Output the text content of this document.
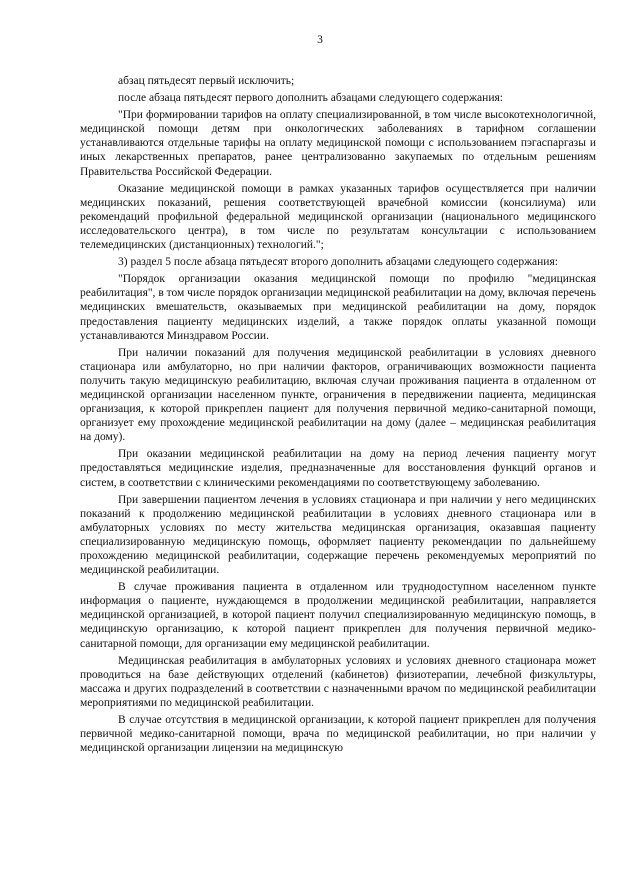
3

абзац пятьдесят первый исключить;

после абзаца пятьдесят первого дополнить абзацами следующего содержания:

"При формировании тарифов на оплату специализированной, в том числе высокотехнологичной, медицинской помощи детям при онкологических заболеваниях в тарифном соглашении устанавливаются отдельные тарифы на оплату медицинской помощи с использованием пэгаспаргазы и иных лекарственных препаратов, ранее централизованно закупаемых по отдельным решениям Правительства Российской Федерации.

Оказание медицинской помощи в рамках указанных тарифов осуществляется при наличии медицинских показаний, решения соответствующей врачебной комиссии (консилиума) или рекомендаций профильной федеральной медицинской организации (национального медицинского исследовательского центра), в том числе по результатам консультации с использованием телемедицинских (дистанционных) технологий.";

3) раздел 5 после абзаца пятьдесят второго дополнить абзацами следующего содержания:

"Порядок организации оказания медицинской помощи по профилю "медицинская реабилитация", в том числе порядок организации медицинской реабилитации на дому, включая перечень медицинских вмешательств, оказываемых при медицинской реабилитации на дому, порядок предоставления пациенту медицинских изделий, а также порядок оплаты указанной помощи устанавливаются Минздравом России.

При наличии показаний для получения медицинской реабилитации в условиях дневного стационара или амбулаторно, но при наличии факторов, ограничивающих возможности пациента получить такую медицинскую реабилитацию, включая случаи проживания пациента в отдаленном от медицинской организации населенном пункте, ограничения в передвижении пациента, медицинская организация, к которой прикреплен пациент для получения первичной медико-санитарной помощи, организует ему прохождение медицинской реабилитации на дому (далее – медицинская реабилитация на дому).

При оказании медицинской реабилитации на дому на период лечения пациенту могут предоставляться медицинские изделия, предназначенные для восстановления функций органов и систем, в соответствии с клиническими рекомендациями по соответствующему заболеванию.

При завершении пациентом лечения в условиях стационара и при наличии у него медицинских показаний к продолжению медицинской реабилитации в условиях дневного стационара или в амбулаторных условиях по месту жительства медицинская организация, оказавшая пациенту специализированную медицинскую помощь, оформляет пациенту рекомендации по дальнейшему прохождению медицинской реабилитации, содержащие перечень рекомендуемых мероприятий по медицинской реабилитации.

В случае проживания пациента в отдаленном или труднодоступном населенном пункте информация о пациенте, нуждающемся в продолжении медицинской реабилитации, направляется медицинской организацией, в которой пациент получил специализированную медицинскую помощь, в медицинскую организацию, к которой пациент прикреплен для получения первичной медико-санитарной помощи, для организации ему медицинской реабилитации.

Медицинская реабилитация в амбулаторных условиях и условиях дневного стационара может проводиться на базе действующих отделений (кабинетов) физиотерапии, лечебной физкультуры, массажа и других подразделений в соответствии с назначенными врачом по медицинской реабилитации мероприятиями по медицинской реабилитации.

В случае отсутствия в медицинской организации, к которой пациент прикреплен для получения первичной медико-санитарной помощи, врача по медицинской реабилитации, но при наличии у медицинской организации лицензии на медицинскую
